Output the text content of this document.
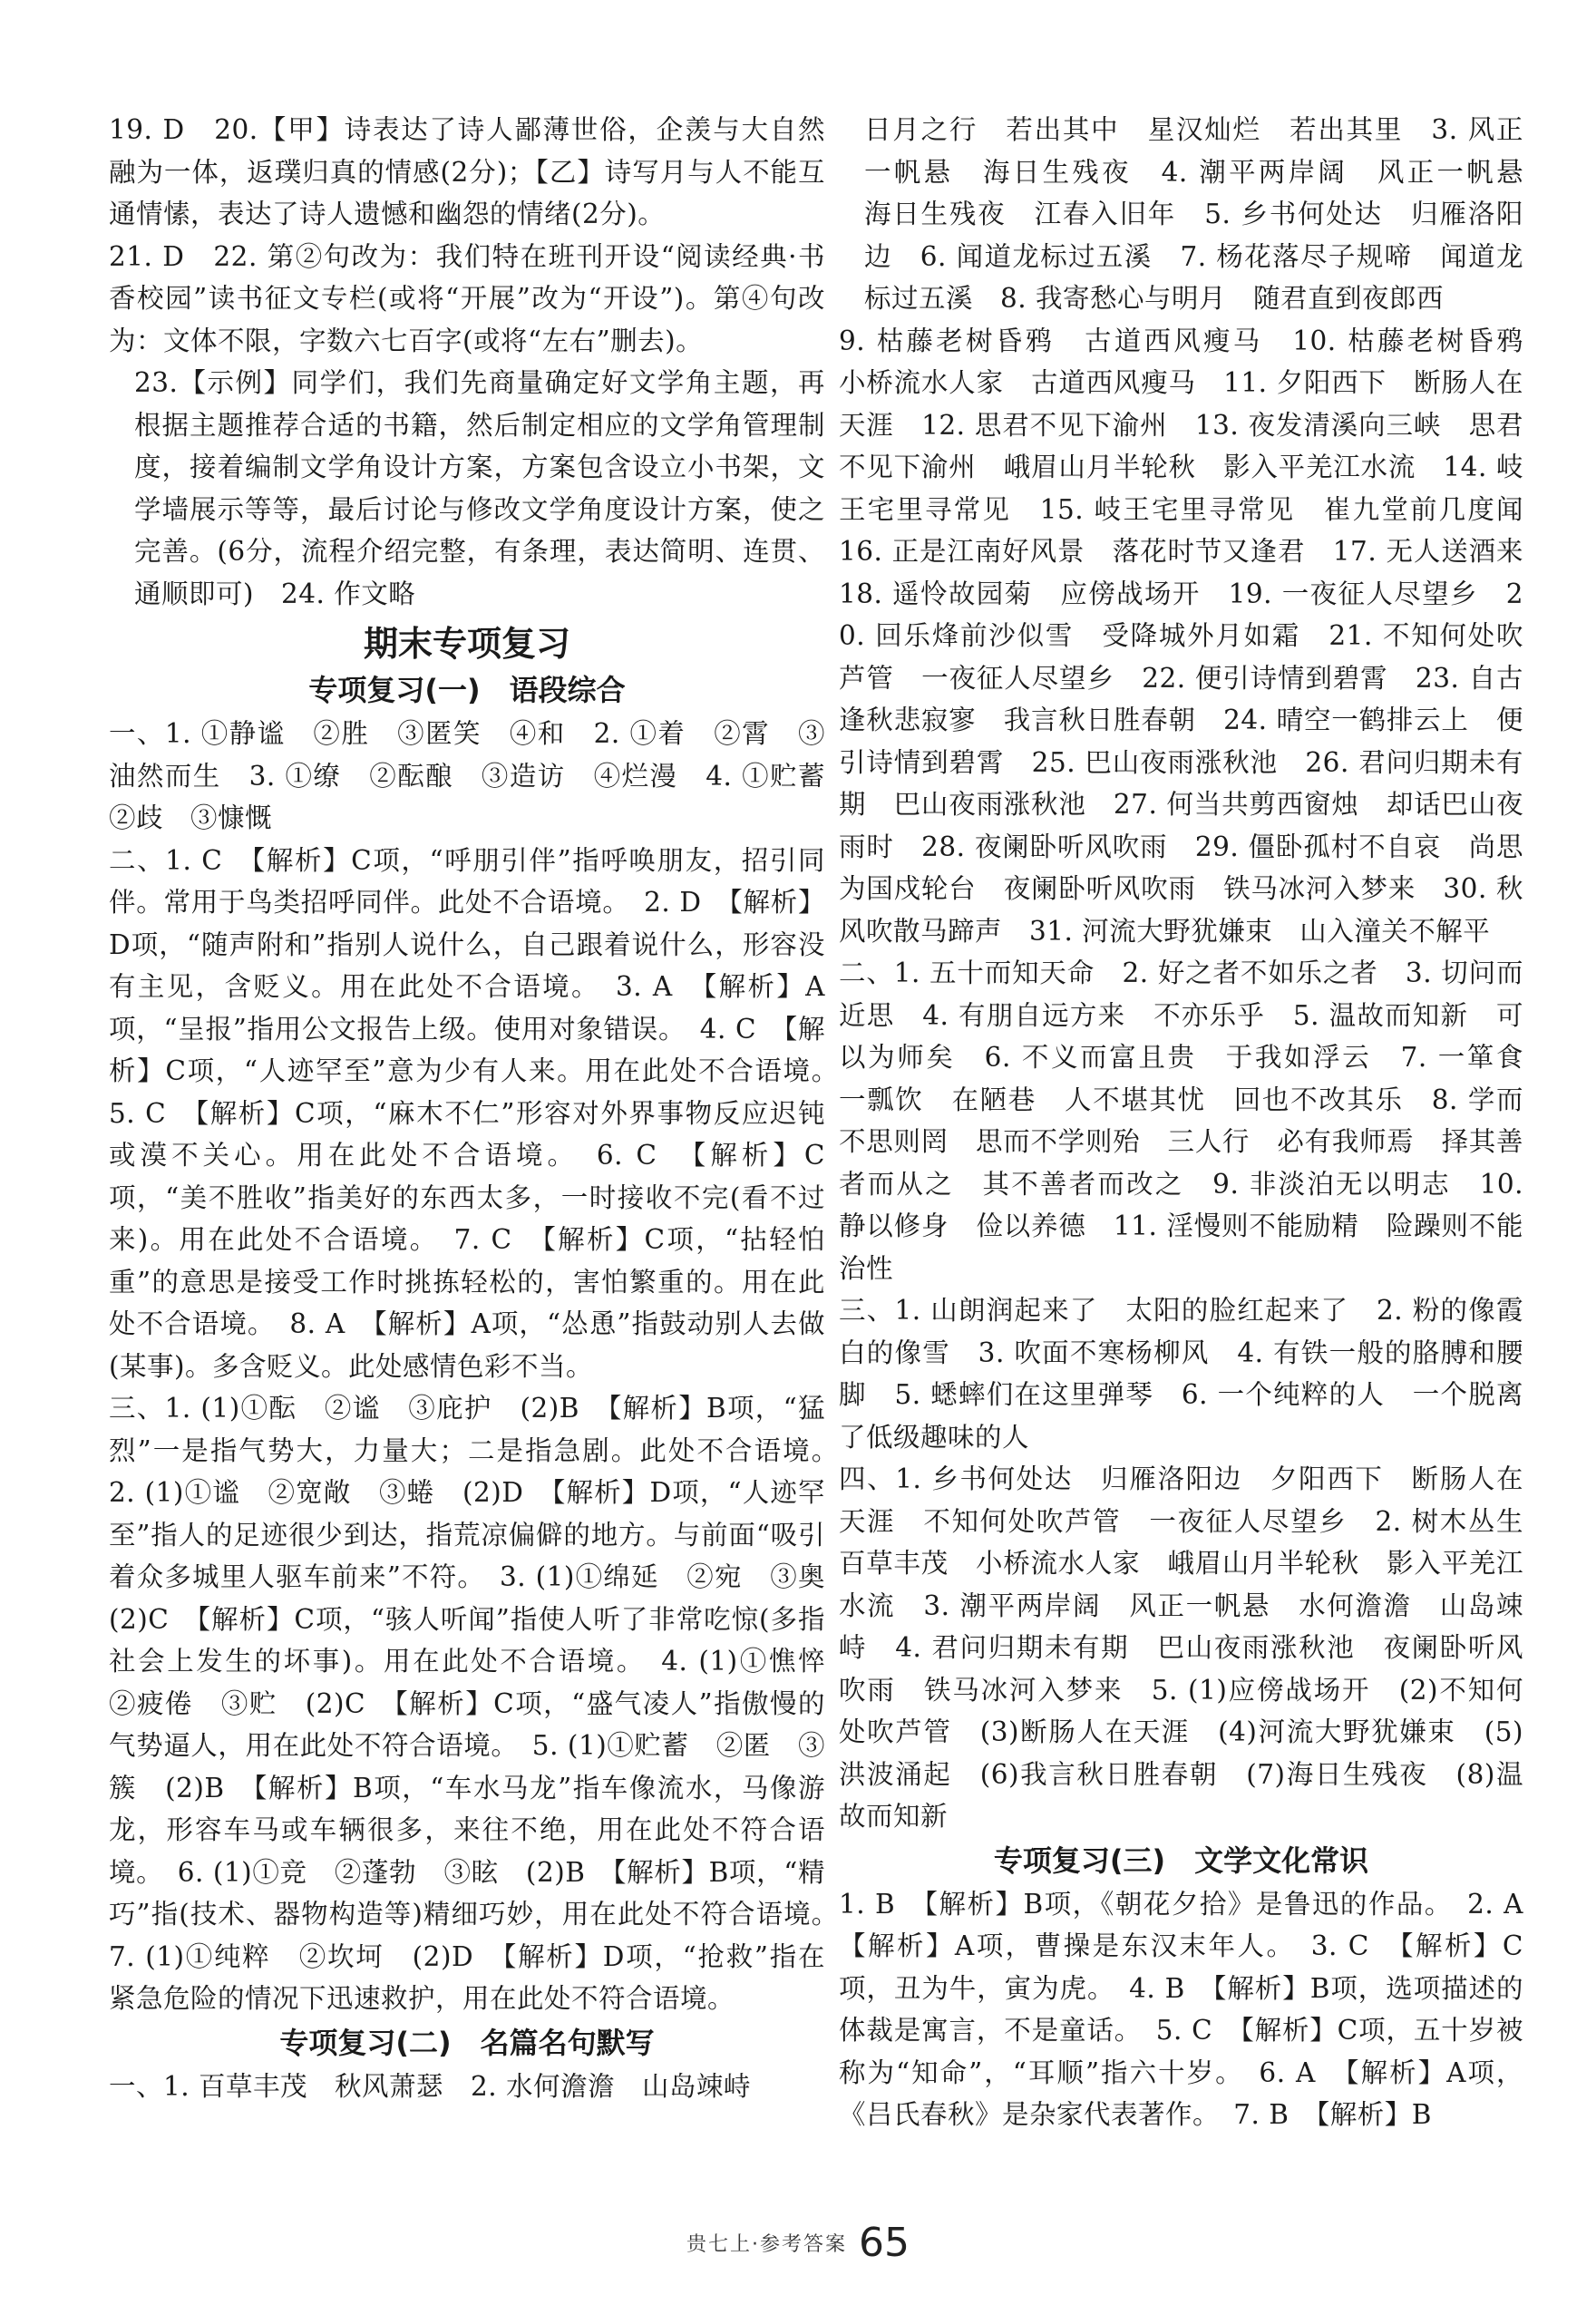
19. D　20.【甲】诗表达了诗人鄙薄世俗，企羡与大自然融为一体，返璞归真的情感(2分)；【乙】诗写月与人不能互通情愫，表达了诗人遗憾和幽怨的情绪(2分)。

21. D　22. 第②句改为：我们特在班刊开设“阅读经典·书香校园”读书征文专栏(或将“开展”改为“开设”)。第④句改为：文体不限，字数六七百字(或将“左右”删去)。

23.【示例】同学们，我们先商量确定好文学角主题，再根据主题推荐合适的书籍，然后制定相应的文学角管理制度，接着编制文学角设计方案，方案包含设立小书架，文学墙展示等等，最后讨论与修改文学角度设计方案，使之完善。(6分，流程介绍完整，有条理，表达简明、连贯、通顺即可)　24. 作文略

期末专项复习
专项复习(一)　语段综合

一、1. ①静谧　②胜　③匿笑　④和　2. ①着　②霄　③油然而生　3. ①缭　②酝酿　③造访　④烂漫　4. ①贮蓄　②歧　③慷慨

二、1. C　【解析】C项，“呼朋引伴”指呼唤朋友，招引同伴。常用于鸟类招呼同伴。此处不合语境。　2. D　【解析】D项，“随声附和”指别人说什么，自己跟着说什么，形容没有主见，含贬义。用在此处不合语境。　3. A　【解析】A项，“呈报”指用公文报告上级。使用对象错误。　4. C　【解析】C项，“人迹罕至”意为少有人来。用在此处不合语境。　5. C　【解析】C项，“麻木不仁”形容对外界事物反应迟钝或漠不关心。用在此处不合语境。　6. C　【解析】C项，“美不胜收”指美好的东西太多，一时接收不完(看不过来)。用在此处不合语境。　7. C　【解析】C项，“拈轻怕重”的意思是接受工作时挑拣轻松的，害怕繁重的。用在此处不合语境。　8. A　【解析】A项，“怂恿”指鼓动别人去做(某事)。多含贬义。此处感情色彩不当。

三、1. (1)①酝　②谧　③庇护　(2)B　【解析】B项，“猛烈”一是指气势大，力量大；二是指急剧。此处不合语境。　2. (1)①谧　②宽敞　③蜷　(2)D　【解析】D项，“人迹罕至”指人的足迹很少到达，指荒凉偏僻的地方。与前面“吸引着众多城里人驱车前来”不符。　3. (1)①绵延　②宛　③奥　(2)C　【解析】C项，“骇人听闻”指使人听了非常吃惊(多指社会上发生的坏事)。用在此处不合语境。　4. (1)①憔悴　②疲倦　③贮　(2)C　【解析】C项，“盛气凌人”指傲慢的气势逼人，用在此处不符合语境。　5. (1)①贮蓄　②匿　③簇　(2)B　【解析】B项，“车水马龙”指车像流水，马像游龙，形容车马或车辆很多，来往不绝，用在此处不符合语境。　6. (1)①竞　②蓬勃　③眩　(2)B　【解析】B项，“精巧”指(技术、器物构造等)精细巧妙，用在此处不符合语境。　7. (1)①纯粹　②坎坷　(2)D　【解析】D项，“抢救”指在紧急危险的情况下迅速救护，用在此处不符合语境。

专项复习(二)　名篇名句默写

一、1. 百草丰茂　秋风萧瑟　2. 水何澹澹　山岛竦峙

日月之行　若出其中　星汉灿烂　若出其里　3. 风正一帆悬　海日生残夜　4. 潮平两岸阔　风正一帆悬　海日生残夜　江春入旧年　5. 乡书何处达　归雁洛阳边　6. 闻道龙标过五溪　7. 杨花落尽子规啼　闻道龙标过五溪　8. 我寄愁心与明月　随君直到夜郎西

9. 枯藤老树昏鸦　古道西风瘦马　10. 枯藤老树昏鸦　小桥流水人家　古道西风瘦马　11. 夕阳西下　断肠人在天涯　12. 思君不见下渝州　13. 夜发清溪向三峡　思君不见下渝州　峨眉山月半轮秋　影入平羌江水流　14. 岐王宅里寻常见　15. 岐王宅里寻常见　崔九堂前几度闻　16. 正是江南好风景　落花时节又逢君　17. 无人送酒来　18. 遥怜故园菊　应傍战场开　19. 一夜征人尽望乡　20. 回乐烽前沙似雪　受降城外月如霜　21. 不知何处吹芦管　一夜征人尽望乡　22. 便引诗情到碧霄　23. 自古逢秋悲寂寥　我言秋日胜春朝　24. 晴空一鹤排云上　便引诗情到碧霄　25. 巴山夜雨涨秋池　26. 君问归期未有期　巴山夜雨涨秋池　27. 何当共剪西窗烛　却话巴山夜雨时　28. 夜阑卧听风吹雨　29. 僵卧孤村不自哀　尚思为国戍轮台　夜阑卧听风吹雨　铁马冰河入梦来　30. 秋风吹散马蹄声　31. 河流大野犹嫌束　山入潼关不解平

二、1. 五十而知天命　2. 好之者不如乐之者　3. 切问而近思　4. 有朋自远方来　不亦乐乎　5. 温故而知新　可以为师矣　6. 不义而富且贵　于我如浮云　7. 一箪食　一瓢饮　在陋巷　人不堪其忧　回也不改其乐　8. 学而不思则罔　思而不学则殆　三人行　必有我师焉　择其善者而从之　其不善者而改之　9. 非淡泊无以明志　10. 静以修身　俭以养德　11. 淫慢则不能励精　险躁则不能治性

三、1. 山朗润起来了　太阳的脸红起来了　2. 粉的像霞　白的像雪　3. 吹面不寒杨柳风　4. 有铁一般的胳膊和腰脚　5. 蟋蟀们在这里弹琴　6. 一个纯粹的人　一个脱离了低级趣味的人

四、1. 乡书何处达　归雁洛阳边　夕阳西下　断肠人在天涯　不知何处吹芦管　一夜征人尽望乡　2. 树木丛生　百草丰茂　小桥流水人家　峨眉山月半轮秋　影入平羌江水流　3. 潮平两岸阔　风正一帆悬　水何澹澹　山岛竦峙　4. 君问归期未有期　巴山夜雨涨秋池　夜阑卧听风吹雨　铁马冰河入梦来　5. (1)应傍战场开　(2)不知何处吹芦管　(3)断肠人在天涯　(4)河流大野犹嫌束　(5)洪波涌起　(6)我言秋日胜春朝　(7)海日生残夜　(8)温故而知新

专项复习(三)　文学文化常识

1. B　【解析】B项，《朝花夕拾》是鲁迅的作品。　2. A　【解析】A项，曹操是东汉末年人。　3. C　【解析】C项，丑为牛，寅为虎。　4. B　【解析】B项，选项描述的体裁是寓言，不是童话。　5. C　【解析】C项，五十岁被称为“知命”，“耳顺”指六十岁。　6. A　【解析】A项，《吕氏春秋》是杂家代表著作。　7. B　【解析】B

贵七上·参考答案 65
